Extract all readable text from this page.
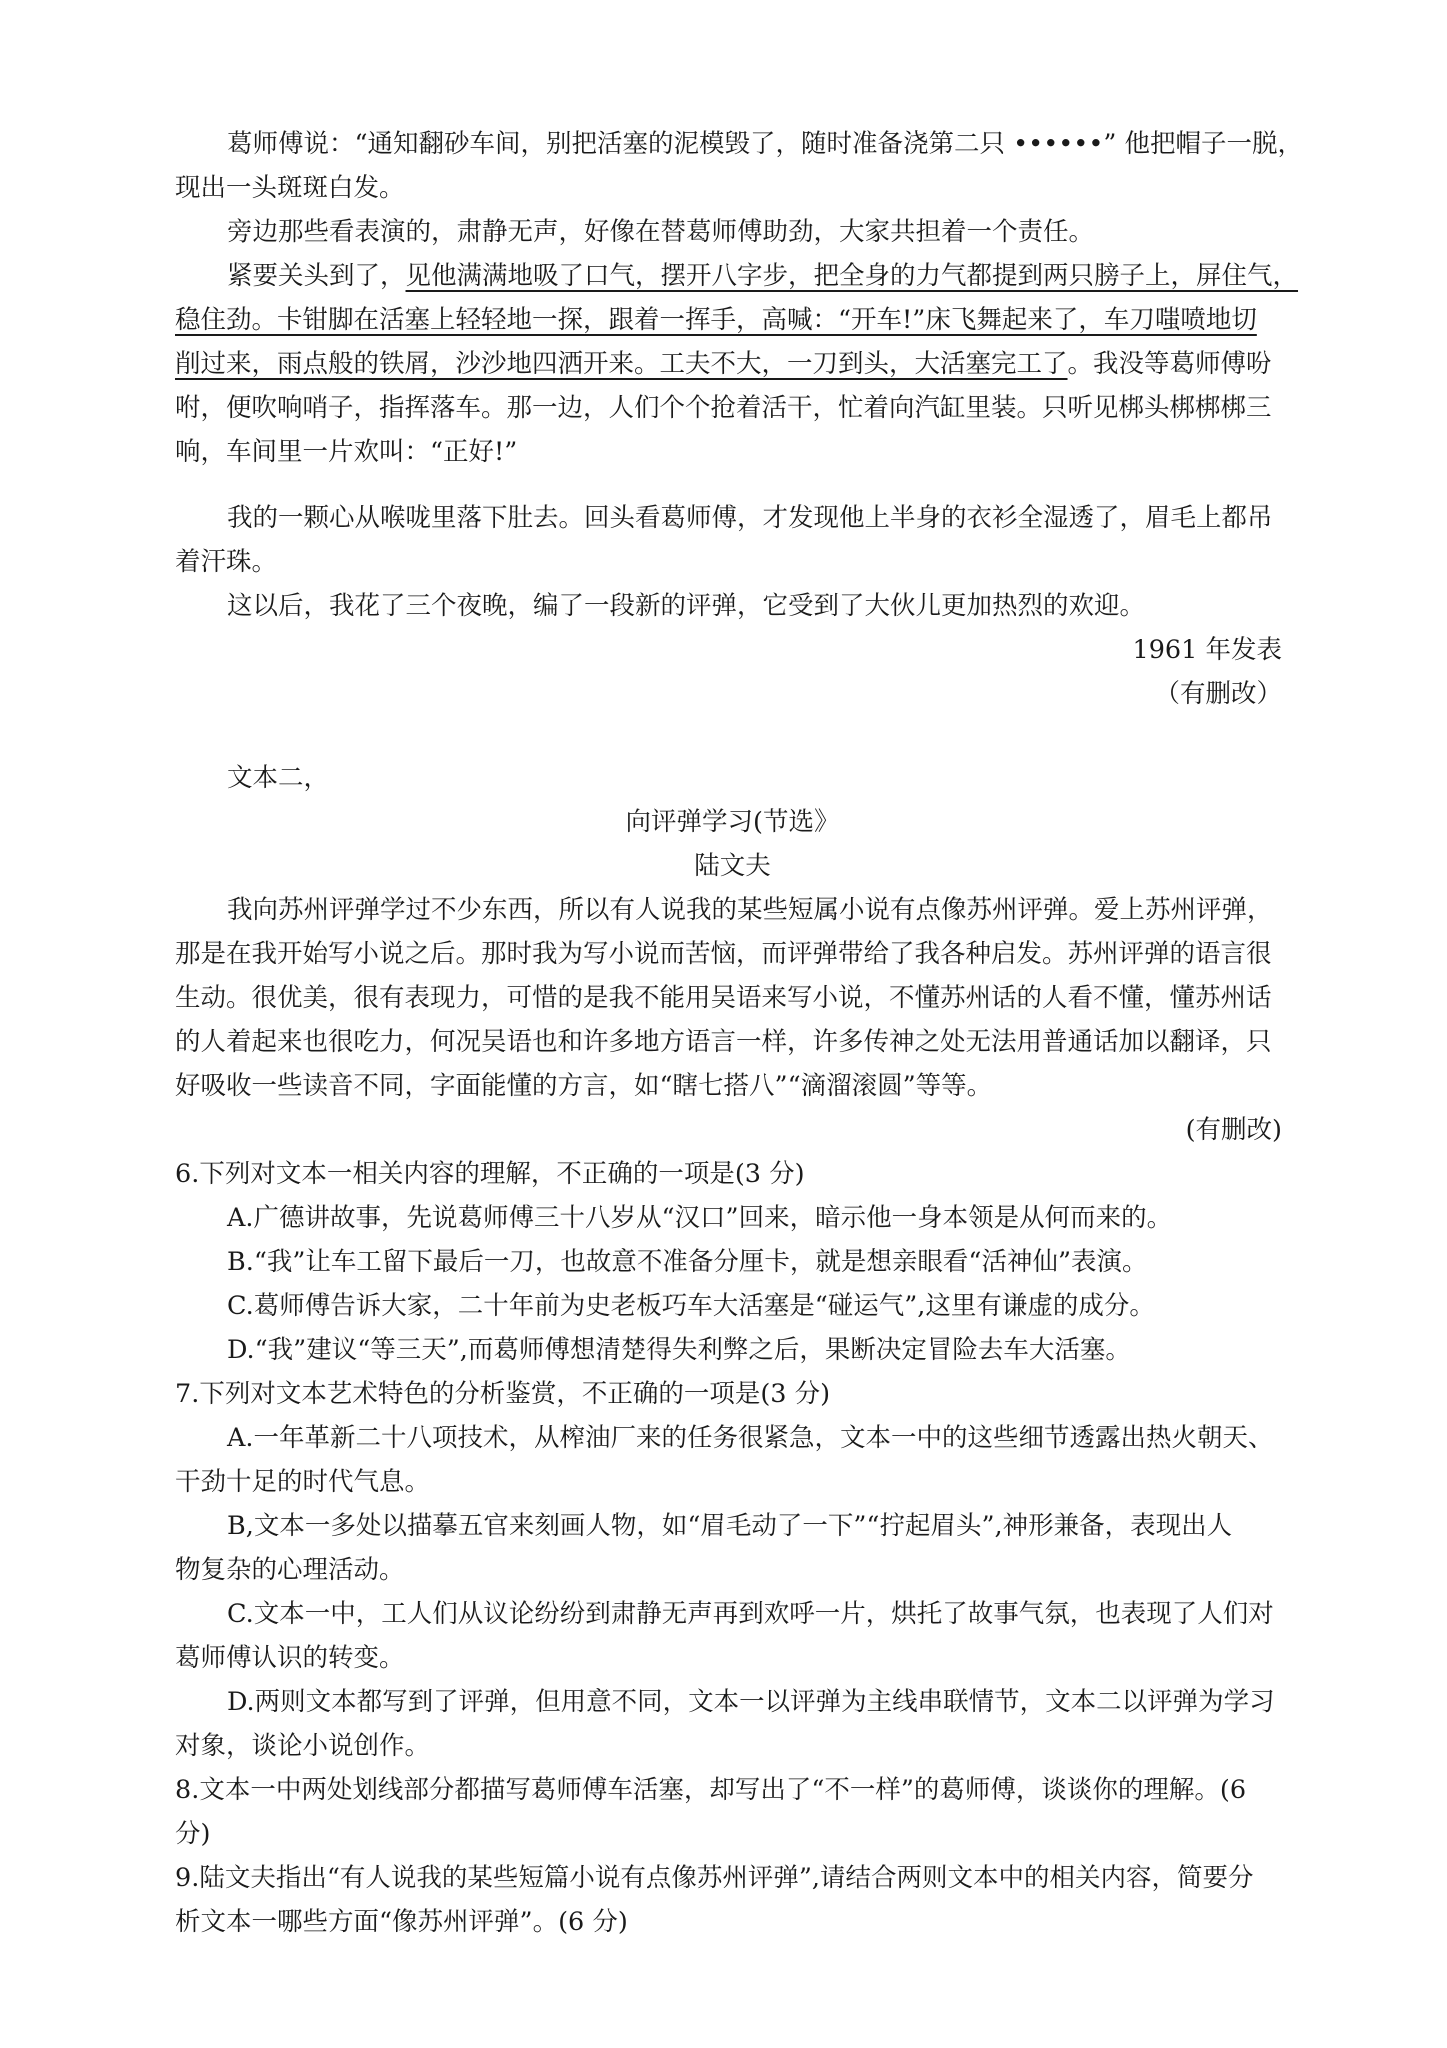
葛师傅说：“通知翻砂车间，别把活塞的泥模毁了，随时准备浇第二只 ••••••” 他把帽子一脱，

现出一头斑斑白发。

旁边那些看表演的，肃静无声，好像在替葛师傅助劲，大家共担着一个责任。

紧要关头到了，见他满满地吸了口气，摆开八字步，把全身的力气都提到两只膀子上，屏住气，

稳住劲。卡钳脚在活塞上轻轻地一探，跟着一挥手，高喊：“开车!”床飞舞起来了，车刀嗤喷地切

削过来，雨点般的铁屑，沙沙地四洒开来。工夫不大，一刀到头，大活塞完工了。我没等葛师傅吩

咐，便吹响哨子，指挥落车。那一边，人们个个抢着活干，忙着向汽缸里装。只听见梆头梆梆梆三

响，车间里一片欢叫：“正好!”

我的一颗心从喉咙里落下肚去。回头看葛师傅，才发现他上半身的衣衫全湿透了，眉毛上都吊

着汗珠。

这以后，我花了三个夜晚，编了一段新的评弹，它受到了大伙儿更加热烈的欢迎。

1961 年发表
（有删改）

文本二，

向评弹学习(节选》
陆文夫

我向苏州评弹学过不少东西，所以有人说我的某些短属小说有点像苏州评弹。爱上苏州评弹，

那是在我开始写小说之后。那时我为写小说而苦恼，而评弹带给了我各种启发。苏州评弹的语言很

生动。很优美，很有表现力，可惜的是我不能用吴语来写小说，不懂苏州话的人看不懂，懂苏州话

的人着起来也很吃力，何况吴语也和许多地方语言一样，许多传神之处无法用普通话加以翻译，只

好吸收一些读音不同，字面能懂的方言，如“瞎七搭八”“滴溜滚圆”等等。

(有删改)

6.下列对文本一相关内容的理解，不正确的一项是(3 分)

A.广德讲故事，先说葛师傅三十八岁从“汉口”回来，暗示他一身本领是从何而来的。

B.“我”让车工留下最后一刀，也故意不准备分厘卡，就是想亲眼看“活神仙”表演。

C.葛师傅告诉大家，二十年前为史老板巧车大活塞是“碰运气”,这里有谦虚的成分。

D.“我”建议“等三天”,而葛师傅想清楚得失利弊之后，果断决定冒险去车大活塞。

7.下列对文本艺术特色的分析鉴赏，不正确的一项是(3 分)

A.一年革新二十八项技术，从榨油厂来的任务很紧急，文本一中的这些细节透露出热火朝天、

干劲十足的时代气息。

B,文本一多处以描摹五官来刻画人物，如“眉毛动了一下”“拧起眉头”,神形兼备，表现出人

物复杂的心理活动。

C.文本一中，工人们从议论纷纷到肃静无声再到欢呼一片，烘托了故事气氛，也表现了人们对

葛师傅认识的转变。

D.两则文本都写到了评弹，但用意不同，文本一以评弹为主线串联情节，文本二以评弹为学习

对象，谈论小说创作。

8.文本一中两处划线部分都描写葛师傅车活塞，却写出了“不一样”的葛师傅，谈谈你的理解。(6

分)

9.陆文夫指出“有人说我的某些短篇小说有点像苏州评弹”,请结合两则文本中的相关内容，简要分

析文本一哪些方面“像苏州评弹”。(6 分)
